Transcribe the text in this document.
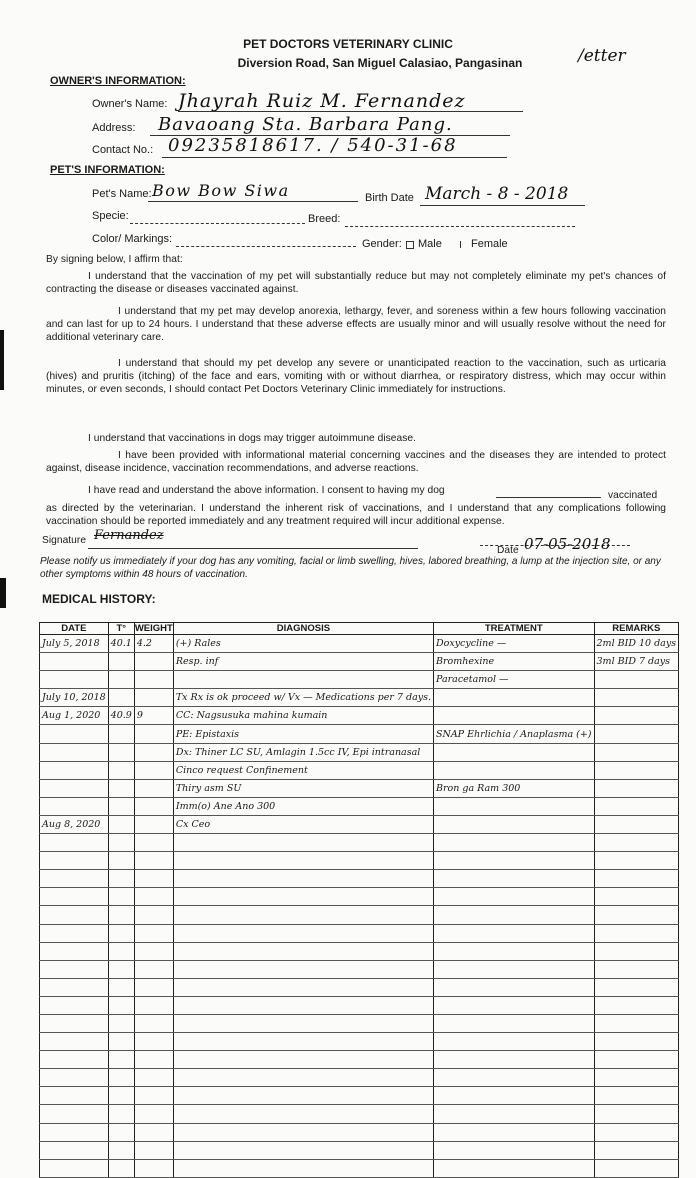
PET DOCTORS VETERINARY CLINIC
Diversion Road, San Miguel Calasiao, Pangasinan	/etter
OWNER'S INFORMATION:
Owner's Name: Jhayrah Ruiz M. Fernandez
Address: Bavaoang Sta. Barbara Pang.
Contact No.: 09235818617. / 540-31-68
PET'S INFORMATION:
Pet's Name: Bow Bow Siwa	Birth Date March - 8 - 2018
Specie:	Breed:
Color/ Markings:	Gender: Male	Female
By signing below, I affirm that:
I understand that the vaccination of my pet will substantially reduce but may not completely eliminate my pet's chances of contracting the disease or diseases vaccinated against.
I understand that my pet may develop anorexia, lethargy, fever, and soreness within a few hours following vaccination and can last for up to 24 hours. I understand that these adverse effects are usually minor and will usually resolve without the need for additional veterinary care.
I understand that should my pet develop any severe or unanticipated reaction to the vaccination, such as urticaria (hives) and pruritis (itching) of the face and ears, vomiting with or without diarrhea, or respiratory distress, which may occur within minutes, or even seconds, I should contact Pet Doctors Veterinary Clinic immediately for instructions.
I understand that vaccinations in dogs may trigger autoimmune disease.
I have been provided with informational material concerning vaccines and the diseases they are intended to protect against, disease incidence, vaccination recommendations, and adverse reactions.
I have read and understand the above information. I consent to having my dog	vaccinated
as directed by the veterinarian. I understand the inherent risk of vaccinations, and I understand that any complications following vaccination should be reported immediately and any treatment required will incur additional expense.
Signature Fernandez
Date 07-05-2018
Please notify us immediately if your dog has any vomiting, facial or limb swelling, hives, labored breathing, a lump at the injection site, or any other symptoms within 48 hours of vaccination.
MEDICAL HISTORY:
DATE	T°	WEIGHT	DIAGNOSIS	TREATMENT	REMARKS
July 5, 2018	40.1	4.2	(+) Rales	Doxycycline —	2ml BID 10 days
			Resp. inf	Bromhexine	3ml BID 7 days
				Paracetamol —	
July 10, 2018			Tx Rx is ok proceed w/ Vx — Medications per 7 days.		
Aug 1, 2020	40.9	9	CC: Nagsusuka mahina kumain		
			PE: Epistaxis	SNAP Ehrlichia / Anaplasma (+)	
			Dx: Thiner LC SU, Amlagin 1.5cc IV, Epi intranasal		
			Cinco request Confinement		
			Thiry asm SU	Bron ga Ram 300	
			Imm(o) Ane Ano 300		
Aug 8, 2020			Cx Ceo		
